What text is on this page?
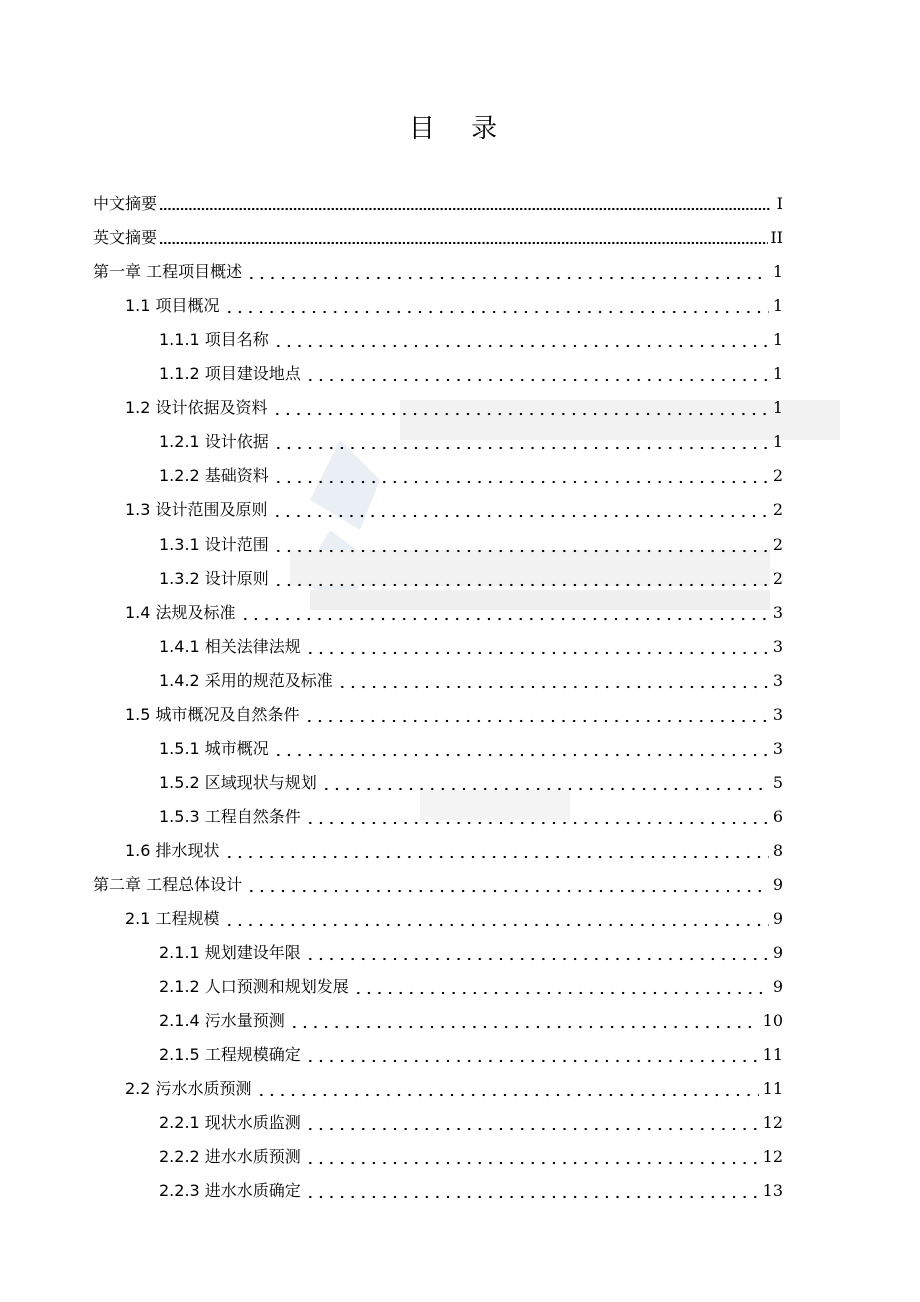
目 录
中文摘要	I
英文摘要	II
第一章 工程项目概述	1
1.1 项目概况	1
1.1.1 项目名称	1
1.1.2 项目建设地点	1
1.2 设计依据及资料	1
1.2.1 设计依据	1
1.2.2 基础资料	2
1.3 设计范围及原则	2
1.3.1 设计范围	2
1.3.2 设计原则	2
1.4 法规及标准	3
1.4.1 相关法律法规	3
1.4.2 采用的规范及标准	3
1.5 城市概况及自然条件	3
1.5.1 城市概况	3
1.5.2 区域现状与规划	5
1.5.3 工程自然条件	6
1.6 排水现状	8
第二章 工程总体设计	9
2.1 工程规模	9
2.1.1 规划建设年限	9
2.1.2 人口预测和规划发展	9
2.1.4 污水量预测	10
2.1.5 工程规模确定	11
2.2 污水水质预测	11
2.2.1 现状水质监测	12
2.2.2 进水水质预测	12
2.2.3 进水水质确定	13
